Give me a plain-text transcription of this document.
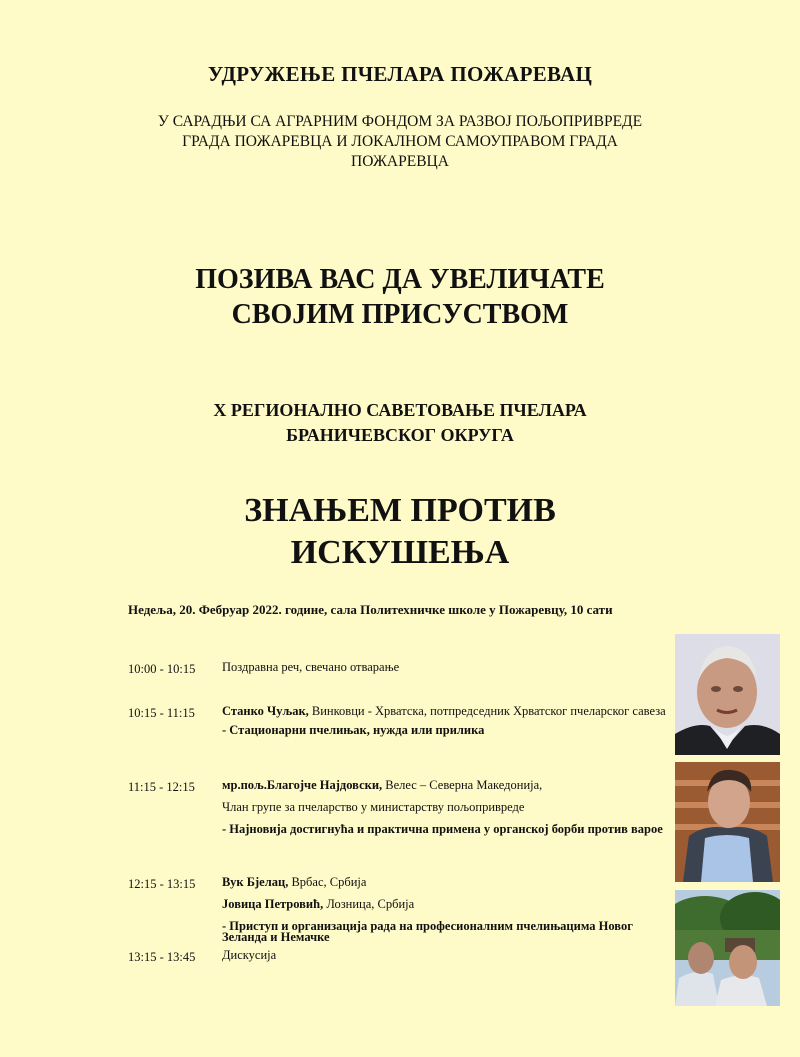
УДРУЖЕЊЕ ПЧЕЛАРА ПОЖАРЕВАЦ
У САРАДЊИ СА АГРАРНИМ ФОНДОМ ЗА РАЗВОЈ ПОЉОПРИВРЕДЕ
ГРАДА ПОЖАРЕВЦА И ЛОКАЛНОМ САМОУПРАВОМ ГРАДА
ПОЖАРЕВЦА
ПОЗИВА ВАС ДА УВЕЛИЧАТЕ
СВОЈИМ ПРИСУСТВОМ
X РЕГИОНАЛНО САВЕТОВАЊЕ ПЧЕЛАРА
БРАНИЧЕВСКОГ ОКРУГА
ЗНАЊЕМ ПРОТИВ
ИСКУШЕЊА
Недеља, 20. Фебруар 2022. године, сала Политехничке школе у Пожаревцу, 10 сати
10:00 - 10:15	Поздравна реч, свечано отварање
10:15 - 11:15	Станко Чуљак, Винковци - Хрватска, потпредседник Хрватског пчеларског савеза
- Стационарни пчелињак, нужда или прилика
11:15 - 12:15	мр.пољ.Благојче Најдовски, Велес – Северна Македонија,
Члан групе за пчеларство у министарству пољопривреде
- Најновија достигнућа и практична примена у органској борби против вароe
12:15 - 13:15	Вук Бјелац, Врбас, Србија
Јовица Петровић, Лозница, Србија
- Приступ и организација рада на професионалним пчелињацима Новог Зеланда и Немачке
13:15 - 13:45	Дискусија
